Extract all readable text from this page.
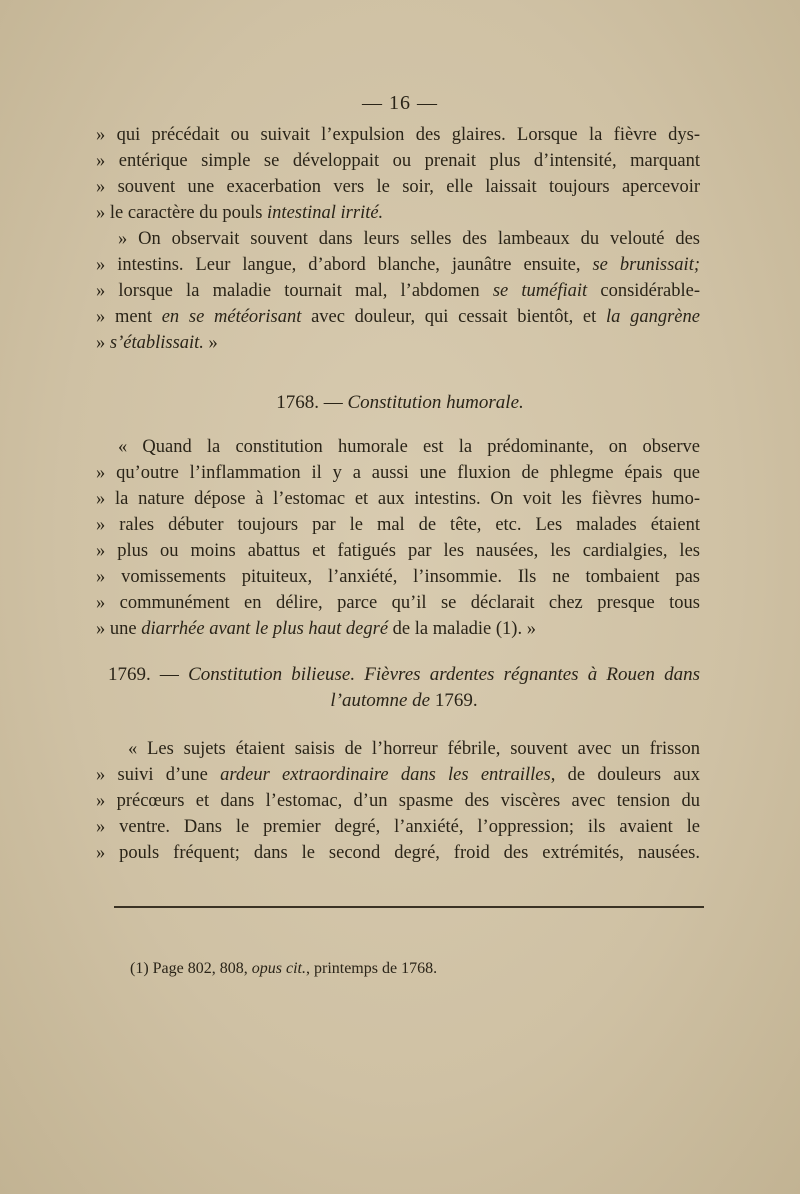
— 16 —
» qui précédait ou suivait l’expulsion des glaires. Lorsque la fièvre dys-
» entérique simple se développait ou prenait plus d’intensité, marquant
» souvent une exacerbation vers le soir, elle laissait toujours apercevoir
» le caractère du pouls intestinal irrité.
» On observait souvent dans leurs selles des lambeaux du velouté des
» intestins. Leur langue, d’abord blanche, jaunâtre ensuite, se brunissait;
» lorsque la maladie tournait mal, l’abdomen se tuméfiait considérable-
» ment en se météorisant avec douleur, qui cessait bientôt, et la gangrène
» s’établissait. »
1768. — Constitution humorale.
« Quand la constitution humorale est la prédominante, on observe
» qu’outre l’inflammation il y a aussi une fluxion de phlegme épais que
» la nature dépose à l’estomac et aux intestins. On voit les fièvres humo-
» rales débuter toujours par le mal de tête, etc. Les malades étaient
» plus ou moins abattus et fatigués par les nausées, les cardialgies, les
» vomissements pituiteux, l’anxiété, l’insommie. Ils ne tombaient pas
» communément en délire, parce qu’il se déclarait chez presque tous
» une diarrhée avant le plus haut degré de la maladie (1). »
1769. — Constitution bilieuse. Fièvres ardentes régnantes à Rouen dans
l’automne de 1769.
« Les sujets étaient saisis de l’horreur fébrile, souvent avec un frisson
» suivi d’une ardeur extraordinaire dans les entrailles, de douleurs aux
» précœurs et dans l’estomac, d’un spasme des viscères avec tension du
» ventre. Dans le premier degré, l’anxiété, l’oppression; ils avaient le
» pouls fréquent; dans le second degré, froid des extrémités, nausées.
(1) Page 802, 808, opus cit., printemps de 1768.
